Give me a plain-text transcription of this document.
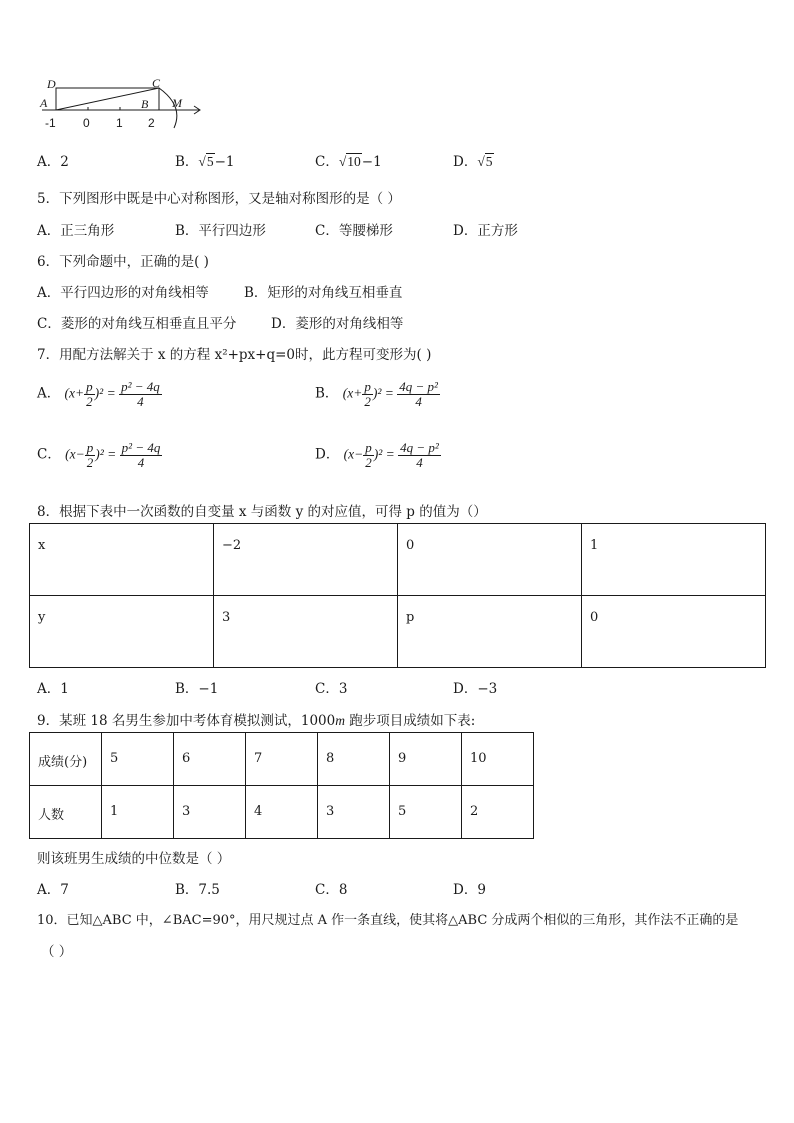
D	C
A	B M
-1 0 1 2
A．2	B．√5−1	C．√10−1	D．√5
5．下列图形中既是中心对称图形，又是轴对称图形的是（ ）
A．正三角形	B．平行四边形	C．等腰梯形	D．正方形
6．下列命题中，正确的是( )
A．平行四边形的对角线相等	B．矩形的对角线互相垂直
C．菱形的对角线互相垂直且平分	D．菱形的对角线相等
7．用配方法解关于 x 的方程 x²+px+q=0时，此方程可变形为( )
A． $(x+ \frac{p}{2} )^2 = \frac{\text{p² − 4q}}{4}$	B． $(x+ \frac{p}{2} )^2 = \frac{\text{4q − p²}}{4}$
C． $(x- \frac{p}{2} )^2 = \frac{\text{p² − 4q}}{4}$	D． $(x- \frac{p}{2} )^2 = \frac{\text{4q − p²}}{4}$
8．根据下表中一次函数的自变量 x 与函数 y 的对应值，可得 p 的值为（）
x	−2	0	1

y	3	p	0
A．1	B．−1	C．3	D．−3
9．某班 18 名男生参加中考体育模拟测试，1000m 跑步项目成绩如下表:
成绩(分)	5	6	7	8	9	10

人数	1	3	4	3	5	2
则该班男生成绩的中位数是（ ）
A．7	B．7.5	C．8	D．9
10．已知△ABC 中，∠BAC=90°，用尺规过点 A 作一条直线，使其将△ABC 分成两个相似的三角形，其作法不正确的是
（ ）
